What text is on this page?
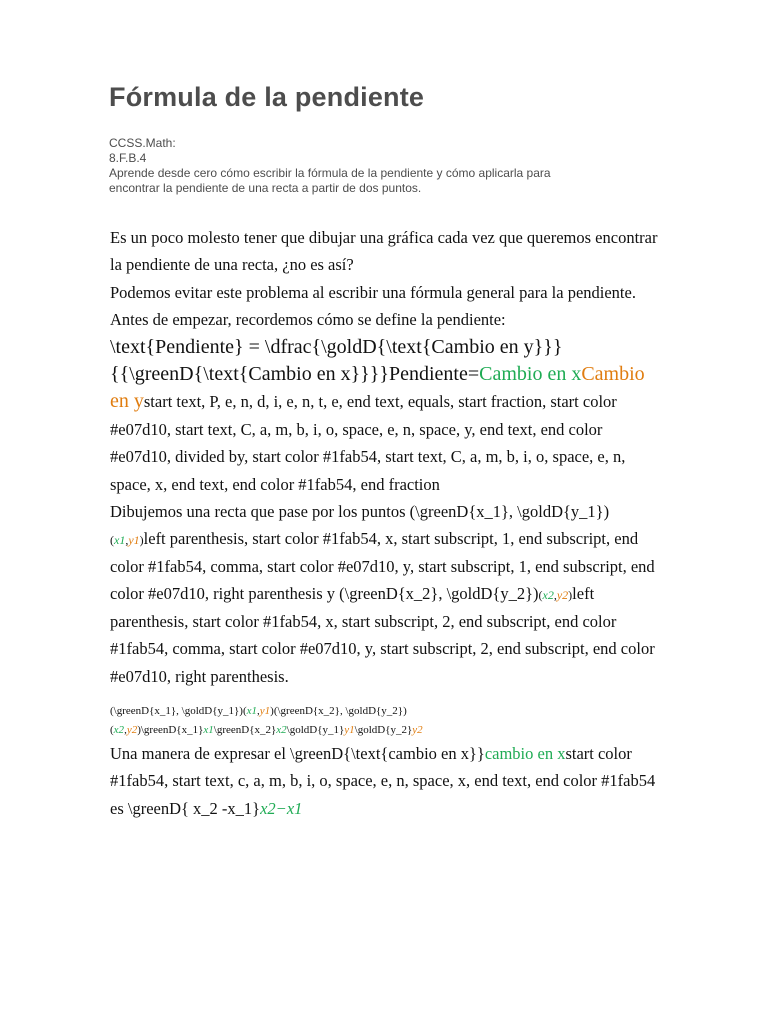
Fórmula de la pendiente
CCSS.Math:
8.F.B.4
Aprende desde cero cómo escribir la fórmula de la pendiente y cómo aplicarla para
encontrar la pendiente de una recta a partir de dos puntos.

Es un poco molesto tener que dibujar una gráfica cada vez que queremos encontrar la pendiente de una recta, ¿no es así?

Podemos evitar este problema al escribir una fórmula general para la pendiente. Antes de empezar, recordemos cómo se define la pendiente:

\text{Pendiente} = \dfrac{\goldD{\text{Cambio en y}}}{{\greenD{\text{Cambio en x}}}}Pendiente=Cambio en xCambio en ystart text, P, e, n, d, i, e, n, t, e, end text, equals, start fraction, start color #e07d10, start text, C, a, m, b, i, o, space, e, n, space, y, end text, end color #e07d10, divided by, start color #1fab54, start text, C, a, m, b, i, o, space, e, n, space, x, end text, end color #1fab54, end fraction

Dibujemos una recta que pase por los puntos (\greenD{x_1}, \goldD{y_1})(x1,y1)left parenthesis, start color #1fab54, x, start subscript, 1, end subscript, end color #1fab54, comma, start color #e07d10, y, start subscript, 1, end subscript, end color #e07d10, right parenthesis y (\greenD{x_2}, \goldD{y_2})(x2,y2)left parenthesis, start color #1fab54, x, start subscript, 2, end subscript, end color #1fab54, comma, start color #e07d10, y, start subscript, 2, end subscript, end color #e07d10, right parenthesis.

(\greenD{x_1}, \goldD{y_1})(x1,y1)(\greenD{x_2}, \goldD{y_2})(x2,y2)\greenD{x_1}x1\greenD{x_2}x2\goldD{y_1}y1\goldD{y_2}y2

Una manera de expresar el \greenD{\text{cambio en x}}cambio en xstart color #1fab54, start text, c, a, m, b, i, o, space, e, n, space, x, end text, end color #1fab54 es \greenD{ x_2 -x_1}x2−x1
